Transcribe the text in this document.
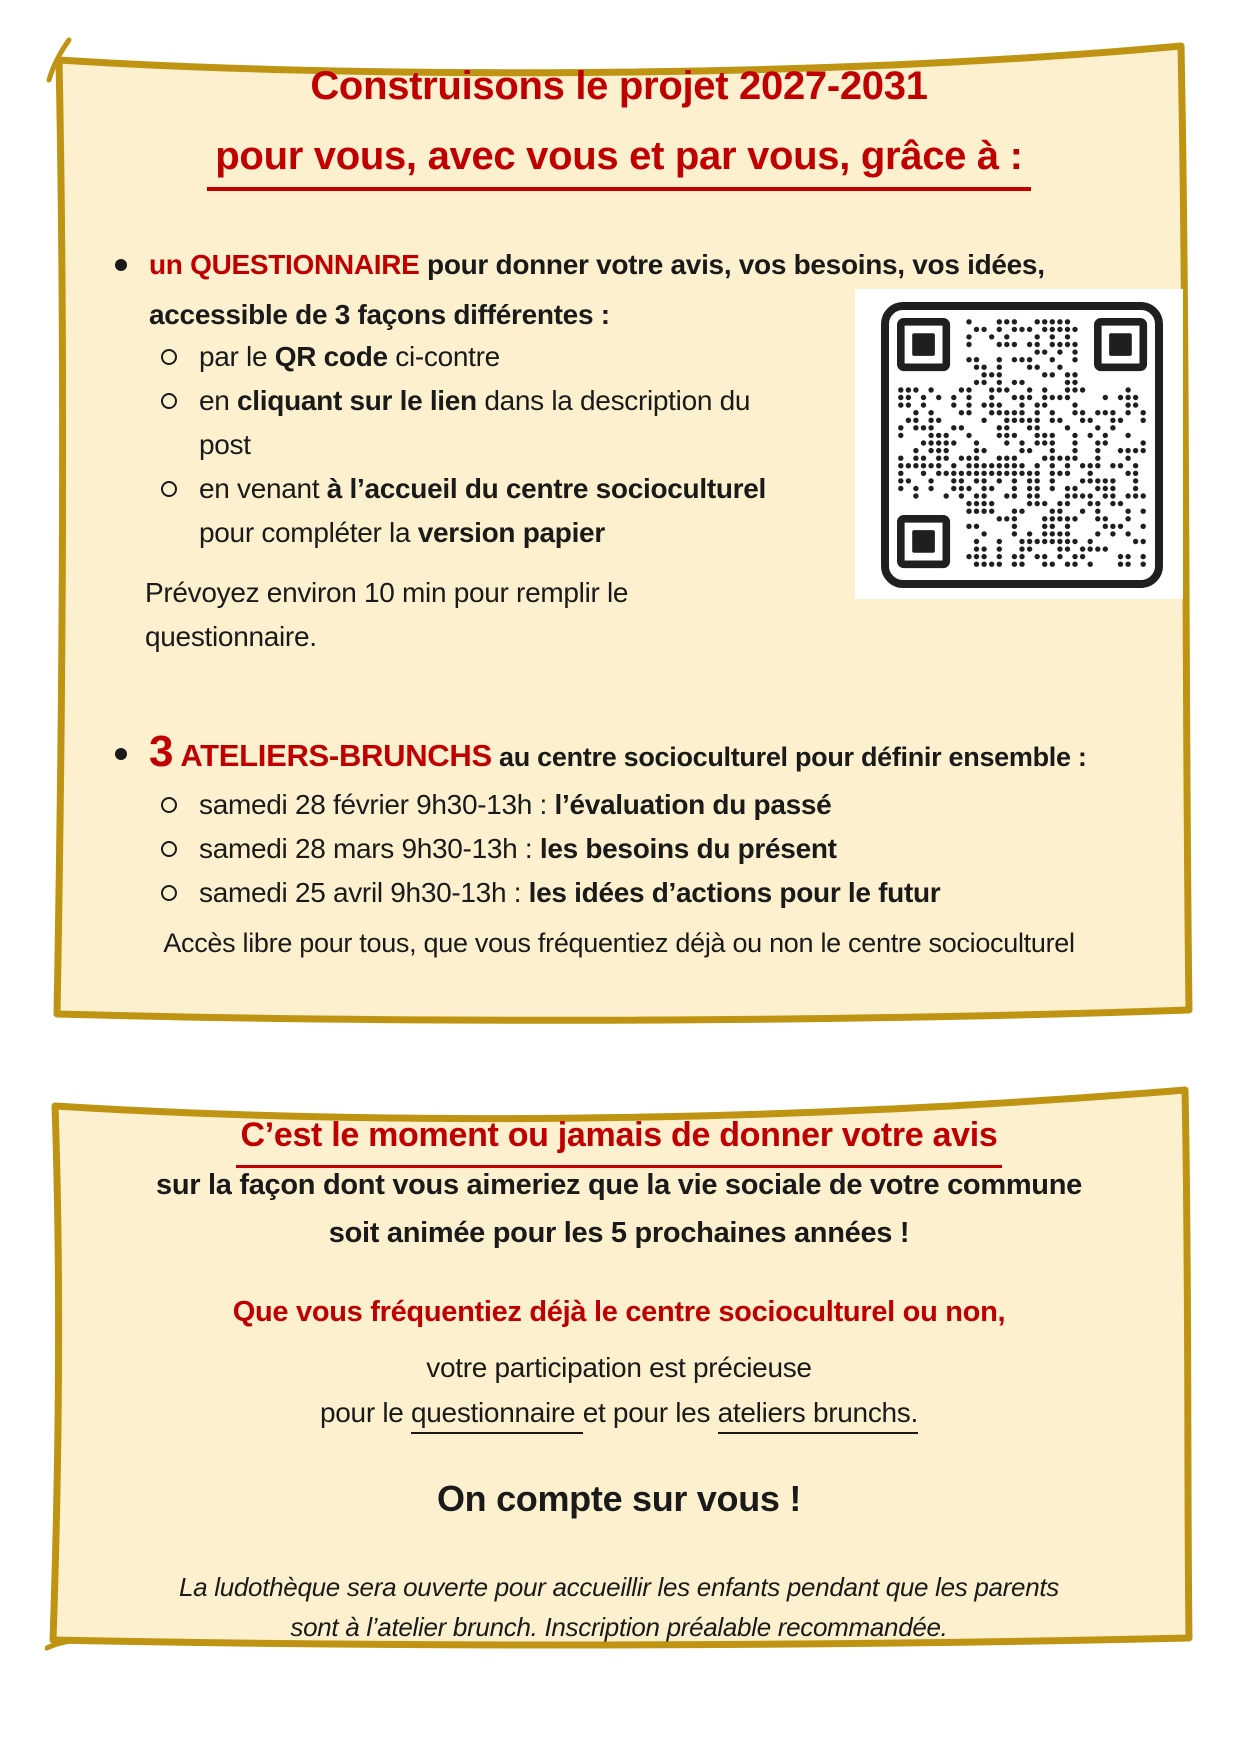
Construisons le projet 2027-2031
pour vous, avec vous et par vous, grâce à :
un QUESTIONNAIRE pour donner votre avis, vos besoins, vos idées,
accessible de 3 façons différentes :
par le QR code ci-contre
en cliquant sur le lien dans la description du
post
en venant à l’accueil du centre socioculturel
pour compléter la version papier
Prévoyez environ 10 min pour remplir le
questionnaire.
3 ATELIERS-BRUNCHS au centre socioculturel pour définir ensemble :
samedi 28 février 9h30-13h : l’évaluation du passé
samedi 28 mars 9h30-13h : les besoins du présent
samedi 25 avril 9h30-13h : les idées d’actions pour le futur
Accès libre pour tous, que vous fréquentiez déjà ou non le centre socioculturel
C’est le moment ou jamais de donner votre avis
sur la façon dont vous aimeriez que la vie sociale de votre commune
soit animée pour les 5 prochaines années !
Que vous fréquentiez déjà le centre socioculturel ou non,
votre participation est précieuse
pour le questionnaire et pour les ateliers brunchs.
On compte sur vous !
La ludothèque sera ouverte pour accueillir les enfants pendant que les parents
sont à l’atelier brunch. Inscription préalable recommandée.
